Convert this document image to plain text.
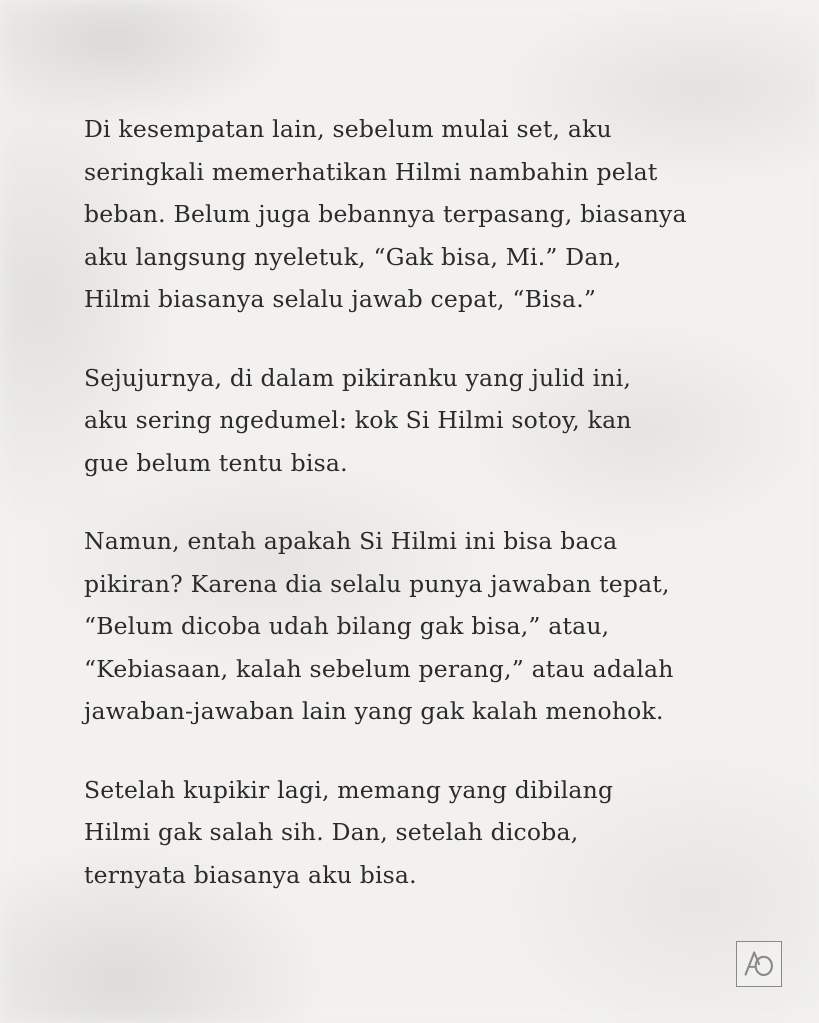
Di kesempatan lain, sebelum mulai set, aku
seringkali memerhatikan Hilmi nambahin pelat
beban. Belum juga bebannya terpasang, biasanya
aku langsung nyeletuk, “Gak bisa, Mi.” Dan,
Hilmi biasanya selalu jawab cepat, “Bisa.”
Sejujurnya, di dalam pikiranku yang julid ini,
aku sering ngedumel: kok Si Hilmi sotoy, kan
gue belum tentu bisa.
Namun, entah apakah Si Hilmi ini bisa baca
pikiran? Karena dia selalu punya jawaban tepat,
“Belum dicoba udah bilang gak bisa,” atau,
“Kebiasaan, kalah sebelum perang,” atau adalah
jawaban-jawaban lain yang gak kalah menohok.
Setelah kupikir lagi, memang yang dibilang
Hilmi gak salah sih. Dan, setelah dicoba,
ternyata biasanya aku bisa.
